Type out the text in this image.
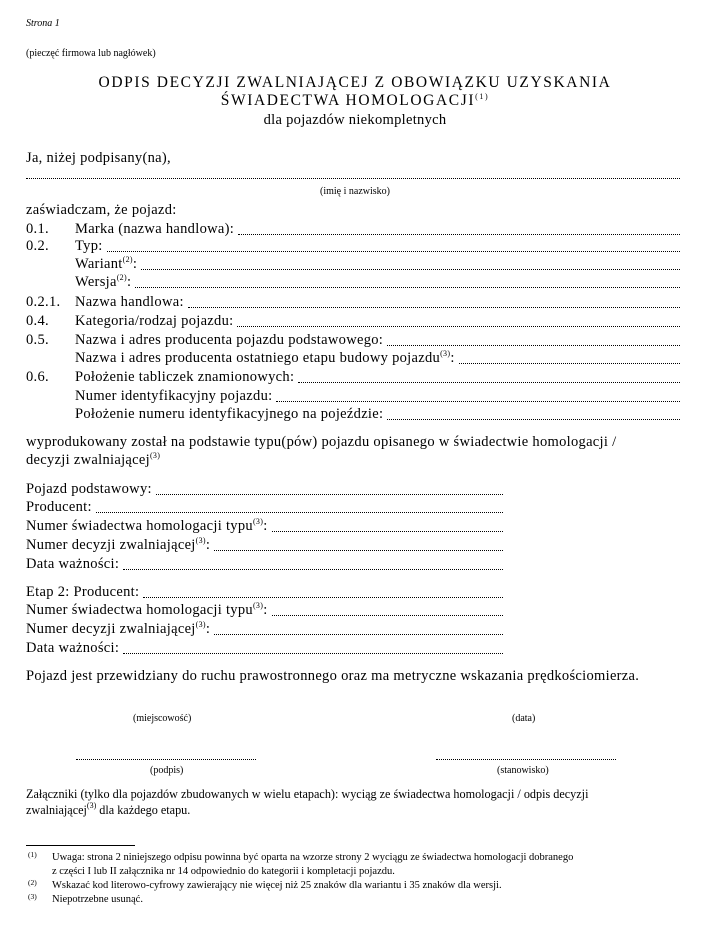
Strona 1
(pieczęć firmowa lub nagłówek)
ODPIS DECYZJI ZWALNIAJĄCEJ Z OBOWIĄZKU UZYSKANIA
ŚWIADECTWA HOMOLOGACJI$^{(1)}$
dla pojazdów niekompletnych
Ja, niżej podpisany(na),
(imię i nazwisko)
zaświadczam, że pojazd:
0.1. Marka (nazwa handlowa):
0.2. Typ:
Wariant$^{(2)}$:
Wersja$^{(2)}$:
0.2.1. Nazwa handlowa:
0.4. Kategoria/rodzaj pojazdu:
0.5. Nazwa i adres producenta pojazdu podstawowego:
Nazwa i adres producenta ostatniego etapu budowy pojazdu$^{(3)}$:
0.6. Położenie tabliczek znamionowych:
Numer identyfikacyjny pojazdu:
Położenie numeru identyfikacyjnego na pojeździe:
wyprodukowany został na podstawie typu(pów) pojazdu opisanego w świadectwie homologacji /
decyzji zwalniającej$^{(3)}$
Pojazd podstawowy:
Producent:
Numer świadectwa homologacji typu$^{(3)}$:
Numer decyzji zwalniającej$^{(3)}$:
Data ważności:
Etap 2: Producent:
Numer świadectwa homologacji typu$^{(3)}$:
Numer decyzji zwalniającej$^{(3)}$:
Data ważności:
Pojazd jest przewidziany do ruchu prawostronnego oraz ma metryczne wskazania prędkościomierza.
(miejscowość)	(data)
(podpis)	(stanowisko)
Załączniki (tylko dla pojazdów zbudowanych w wielu etapach): wyciąg ze świadectwa homologacji / odpis decyzji
zwalniającej$^{(3)}$ dla każdego etapu.
(1) Uwaga: strona 2 niniejszego odpisu powinna być oparta na wzorze strony 2 wyciągu ze świadectwa homologacji dobranego
z części I lub II załącznika nr 14 odpowiednio do kategorii i kompletacji pojazdu.
(2) Wskazać kod literowo-cyfrowy zawierający nie więcej niż 25 znaków dla wariantu i 35 znaków dla wersji.
(3) Niepotrzebne usunąć.
